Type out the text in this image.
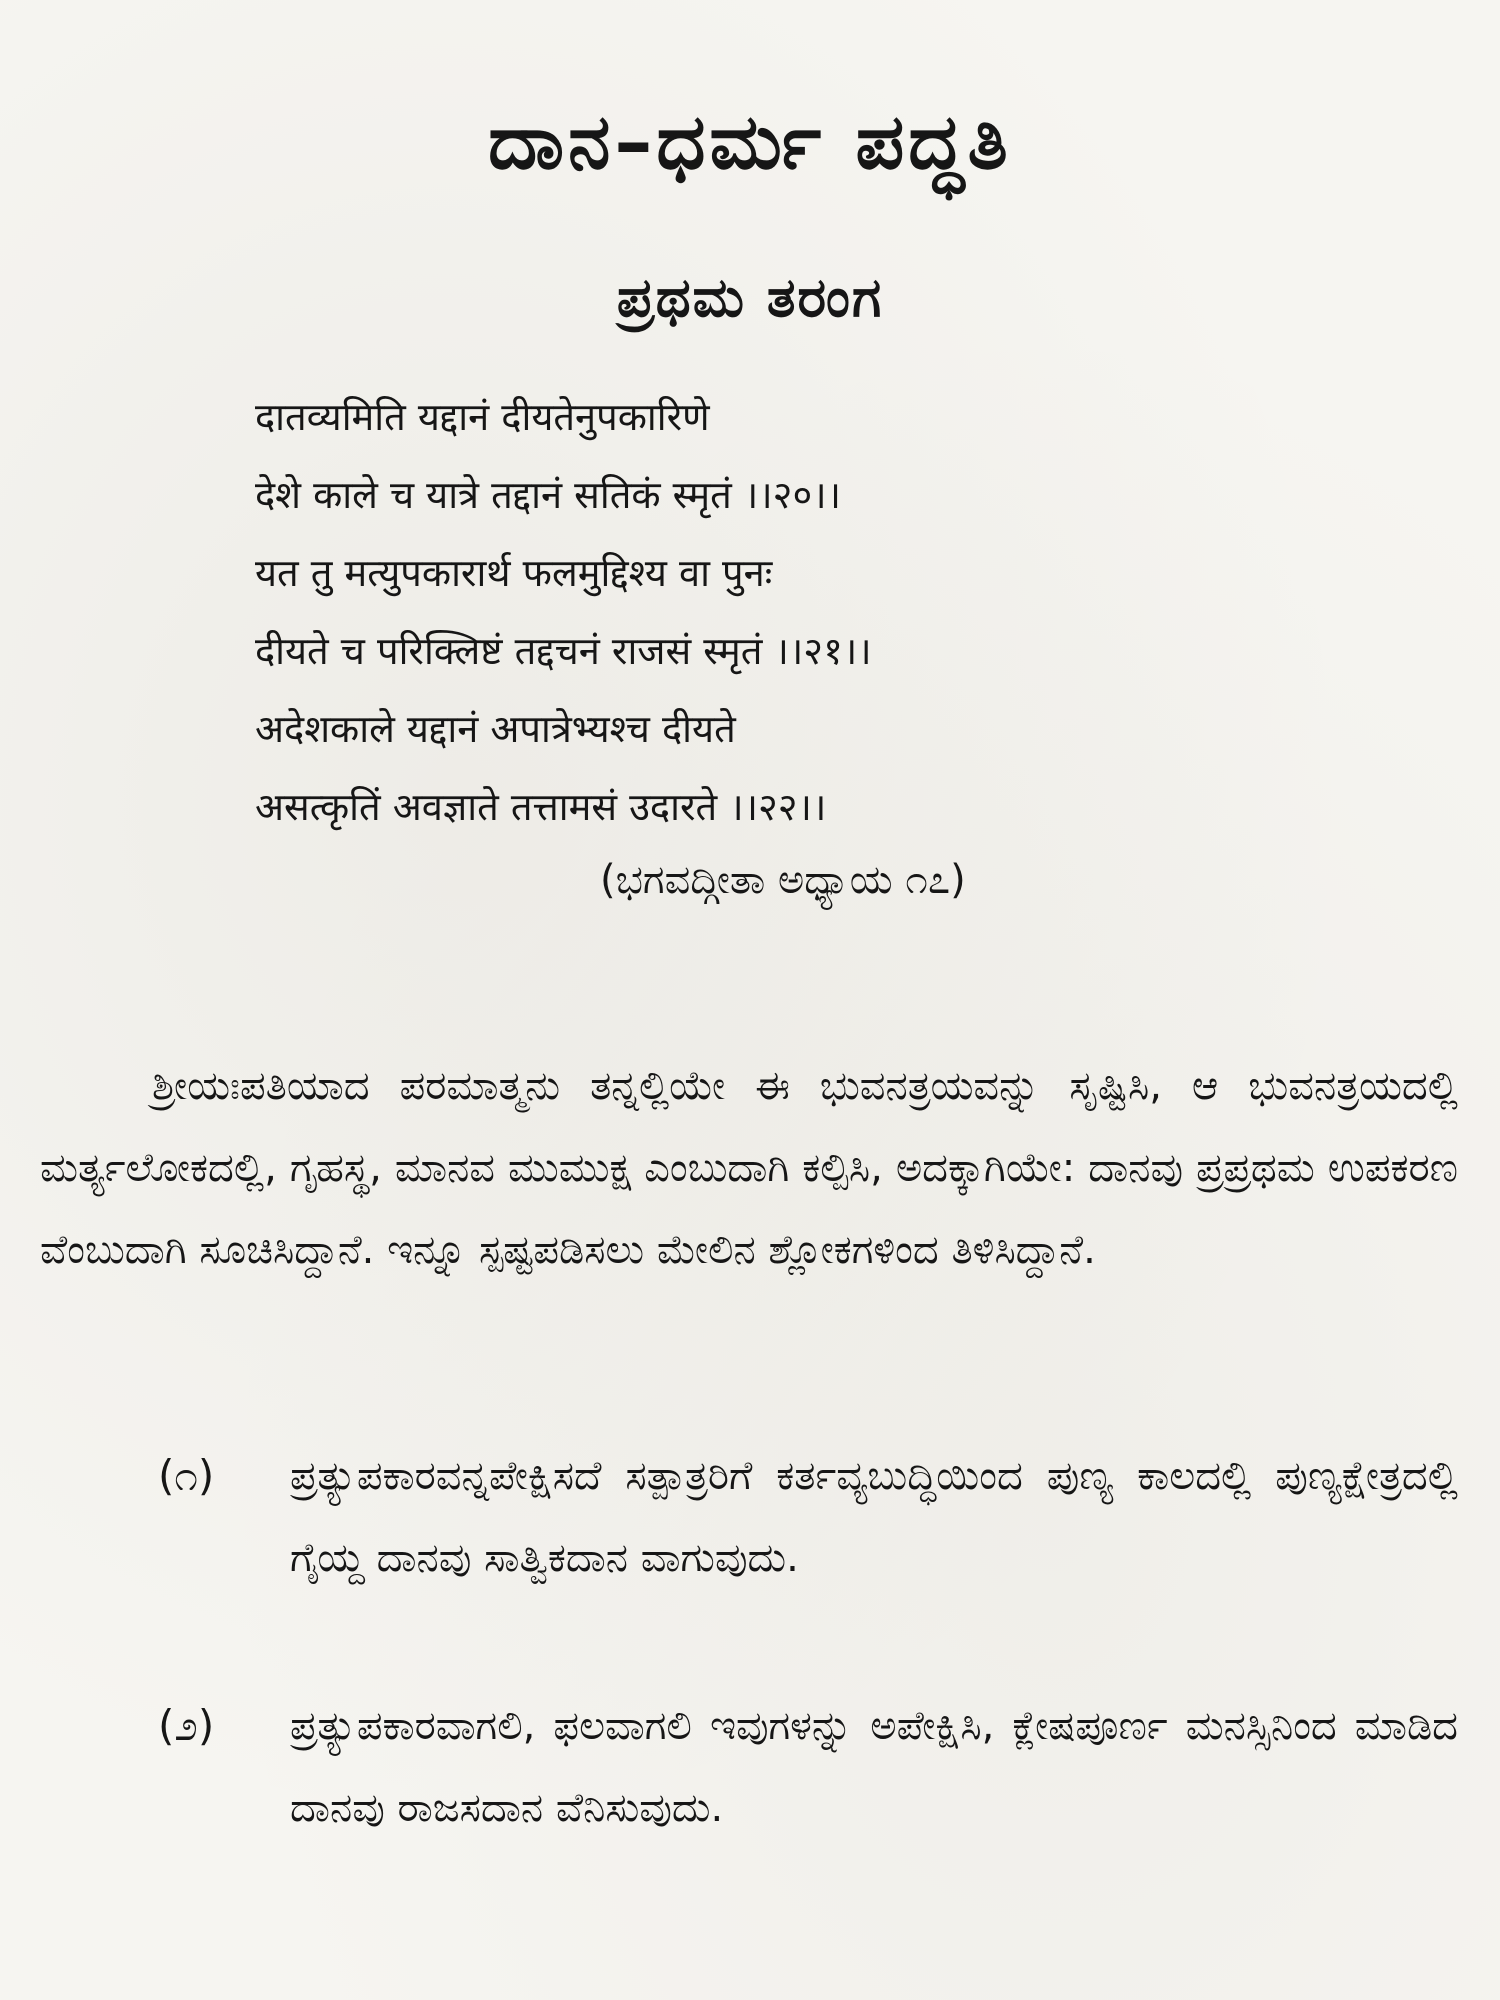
ದಾನ–ಧರ್ಮ ಪದ್ಧತಿ
ಪ್ರಥಮ ತರಂಗ
दातव्यमिति यद्दानं दीयतेनुपकारिणे
देशे काले च यात्रे तद्दानं सतिकं स्मृतं ।।२०।।
यत तु मत्युपकारार्थ फलमुद्दिश्य वा पुनः
दीयते च परिक्लिष्टं तद्दचनं राजसं स्मृतं ।।२१।।
अदेशकाले यद्दानं अपात्रेभ्यश्च दीयते
असत्कृतिं अवज्ञाते तत्तामसं उदारते ।।२२।।
(ಭಗವದ್ಗೀತಾ ಅಧ್ಯಾಯ ೧೭)

ಶ್ರೀಯಃಪತಿಯಾದ ಪರಮಾತ್ಮನು ತನ್ನಲ್ಲಿಯೇ ಈ ಭುವನತ್ರಯವನ್ನು ಸೃಷ್ಟಿಸಿ, ಆ ಭುವನತ್ರಯದಲ್ಲಿ ಮರ್ತ್ಯಲೋಕದಲ್ಲಿ, ಗೃಹಸ್ಥ, ಮಾನವ ಮುಮುಕ್ಷ ಎಂಬುದಾಗಿ ಕಲ್ಪಿಸಿ, ಅದಕ್ಕಾಗಿಯೇ: ದಾನವು ಪ್ರಪ್ರಥಮ ಉಪಕರಣ ವೆಂಬುದಾಗಿ ಸೂಚಿಸಿದ್ದಾನೆ. ಇನ್ನೂ ಸ್ಪಷ್ಟಪಡಿಸಲು ಮೇಲಿನ ಶ್ಲೋಕಗಳಿಂದ ತಿಳಿಸಿದ್ದಾನೆ.

(೧) ಪ್ರತ್ಯುಪಕಾರವನ್ನಪೇಕ್ಷಿಸದೆ ಸತ್ಪಾತ್ರರಿಗೆ ಕರ್ತವ್ಯಬುದ್ಧಿಯಿಂದ ಪುಣ್ಯ ಕಾಲದಲ್ಲಿ ಪುಣ್ಯಕ್ಷೇತ್ರದಲ್ಲಿ ಗೈಯ್ದ ದಾನವು ಸಾತ್ವಿಕದಾನ ವಾಗುವುದು.

(೨) ಪ್ರತ್ಯುಪಕಾರವಾಗಲಿ, ಫಲವಾಗಲಿ ಇವುಗಳನ್ನು ಅಪೇಕ್ಷಿಸಿ, ಕ್ಲೇಷಪೂರ್ಣ ಮನಸ್ಸಿನಿಂದ ಮಾಡಿದ ದಾನವು ರಾಜಸದಾನ ವೆನಿಸುವುದು.
